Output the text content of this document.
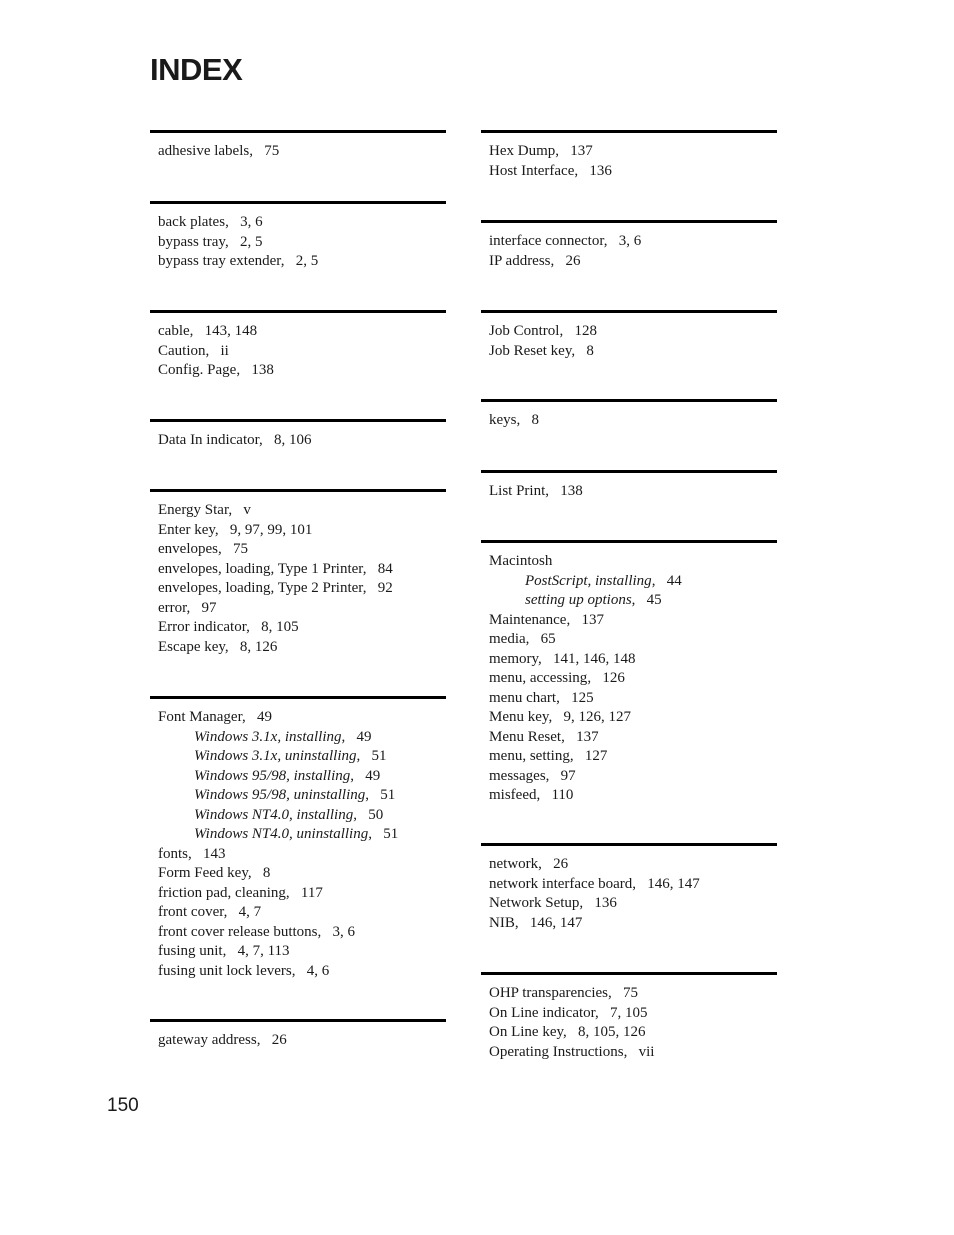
INDEX
adhesive labels,   75
back plates,   3, 6
bypass tray,   2, 5
bypass tray extender,   2, 5
cable,   143, 148
Caution,   ii
Config. Page,   138
Data In indicator,   8, 106
Energy Star,   v
Enter key,   9, 97, 99, 101
envelopes,   75
envelopes, loading, Type 1 Printer,   84
envelopes, loading, Type 2 Printer,   92
error,   97
Error indicator,   8, 105
Escape key,   8, 126
Font Manager,   49
Windows 3.1x, installing,   49
Windows 3.1x, uninstalling,   51
Windows 95/98, installing,   49
Windows 95/98, uninstalling,   51
Windows NT4.0, installing,   50
Windows NT4.0, uninstalling,   51
fonts,   143
Form Feed key,   8
friction pad, cleaning,   117
front cover,   4, 7
front cover release buttons,   3, 6
fusing unit,   4, 7, 113
fusing unit lock levers,   4, 6
gateway address,   26
Hex Dump,   137
Host Interface,   136
interface connector,   3, 6
IP address,   26
Job Control,   128
Job Reset key,   8
keys,   8
List Print,   138
Macintosh
PostScript, installing,   44
setting up options,   45
Maintenance,   137
media,   65
memory,   141, 146, 148
menu, accessing,   126
menu chart,   125
Menu key,   9, 126, 127
Menu Reset,   137
menu, setting,   127
messages,   97
misfeed,   110
network,   26
network interface board,   146, 147
Network Setup,   136
NIB,   146, 147
OHP transparencies,   75
On Line indicator,   7, 105
On Line key,   8, 105, 126
Operating Instructions,   vii
150
